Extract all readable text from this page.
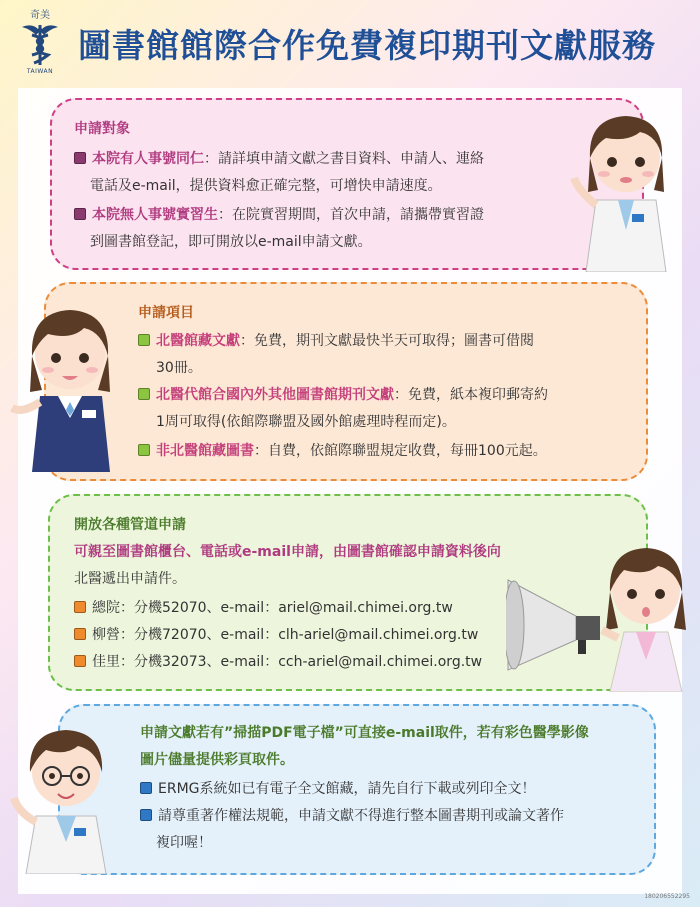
奇美
TAIWAN
圖書館館際合作免費複印期刊文獻服務
申請對象
本院有人事號同仁：請詳填申請文獻之書目資料、申請人、連絡
電話及e-mail，提供資料愈正確完整，可增快申請速度。
本院無人事號實習生：在院實習期間，首次申請，請攜帶實習證
到圖書館登記，即可開放以e-mail申請文獻。
申請項目
北醫館藏文獻：免費，期刊文獻最快半天可取得；圖書可借閱
30冊。
北醫代館合國內外其他圖書館期刊文獻：免費，紙本複印郵寄約
1周可取得(依館際聯盟及國外館處理時程而定)。
非北醫館藏圖書：自費，依館際聯盟規定收費，每冊100元起。
開放各種管道申請
可親至圖書館櫃台、電話或e-mail申請，由圖書館確認申請資料後向
北醫遞出申請件。
總院：分機52070、e-mail：ariel@mail.chimei.org.tw
柳營：分機72070、e-mail：clh-ariel@mail.chimei.org.tw
佳里：分機32073、e-mail：cch-ariel@mail.chimei.org.tw
申請文獻若有”掃描PDF電子檔”可直接e-mail取件，若有彩色醫學影像
圖片儘量提供彩頁取件。
ERMG系統如已有電子全文館藏，請先自行下載或列印全文！
請尊重著作權法規範，申請文獻不得進行整本圖書期刊或論文著作
複印喔！
180206552295
